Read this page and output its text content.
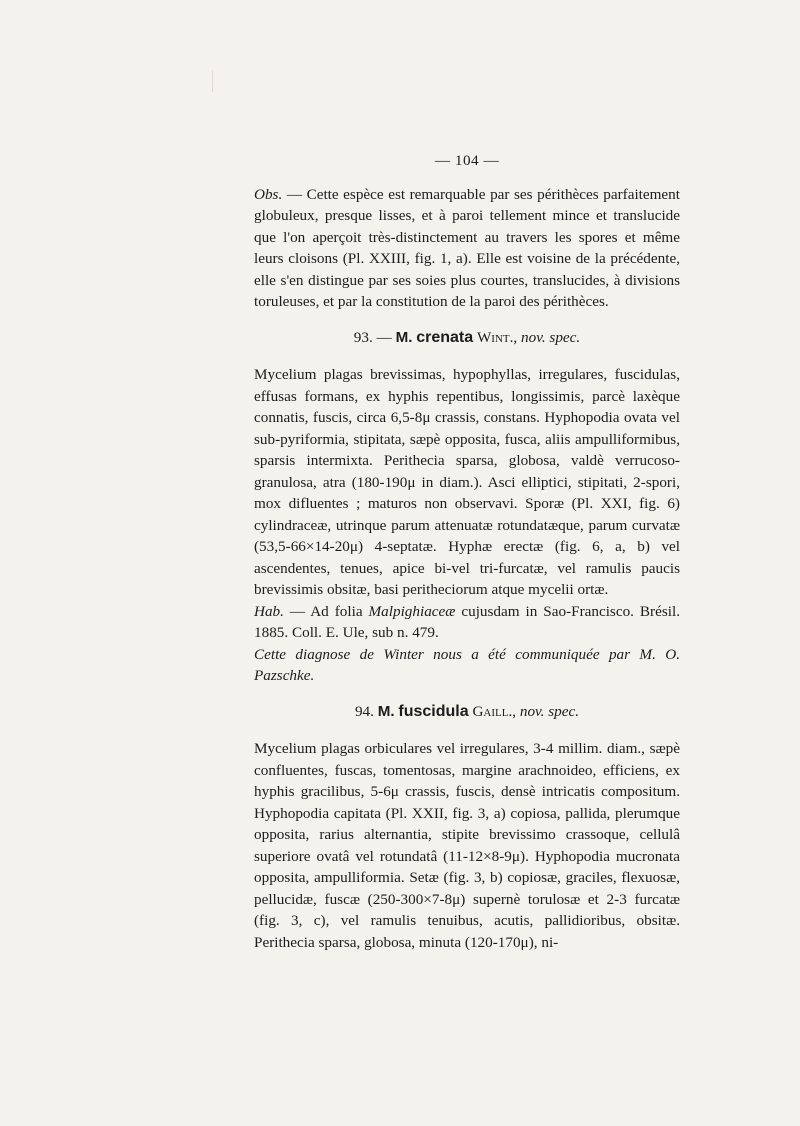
— 104 —

Obs. — Cette espèce est remarquable par ses périthèces parfaitement globuleux, presque lisses, et à paroi tellement mince et translucide que l'on aperçoit très-distinctement au travers les spores et même leurs cloisons (Pl. XXIII, fig. 1, a). Elle est voisine de la précédente, elle s'en distingue par ses soies plus courtes, translucides, à divisions toruleuses, et par la constitution de la paroi des périthèces.

93. — M. crenata Wint., nov. spec.

Mycelium plagas brevissimas, hypophyllas, irregulares, fuscidulas, effusas formans, ex hyphis repentibus, longissimis, parcè laxèque connatis, fuscis, circa 6,5-8μ crassis, constans. Hyphopodia ovata vel sub-pyriformia, stipitata, sæpè opposita, fusca, aliis ampulliformibus, sparsis intermixta. Perithecia sparsa, globosa, valdè verrucoso-granulosa, atra (180-190μ in diam.). Asci elliptici, stipitati, 2-spori, mox difluentes ; maturos non observavi. Sporæ (Pl. XXI, fig. 6) cylindraceæ, utrinque parum attenuatæ rotundatæque, parum curvatæ (53,5-66×14-20μ) 4-septatæ. Hyphæ erectæ (fig. 6, a, b) vel ascendentes, tenues, apice bi-vel tri-furcatæ, vel ramulis paucis brevissimis obsitæ, basi peritheciorum atque mycelii ortæ.

Hab. — Ad folia Malpighiaceæ cujusdam in Sao-Francisco. Brésil. 1885. Coll. E. Ule, sub n. 479.

Cette diagnose de Winter nous a été communiquée par M. O. Pazschke.

94. M. fuscidula Gaill., nov. spec.

Mycelium plagas orbiculares vel irregulares, 3-4 millim. diam., sæpè confluentes, fuscas, tomentosas, margine arachnoideo, efficiens, ex hyphis gracilibus, 5-6μ crassis, fuscis, densè intricatis compositum. Hyphopodia capitata (Pl. XXII, fig. 3, a) copiosa, pallida, plerumque opposita, rarius alternantia, stipite brevissimo crassoque, cellulâ superiore ovatâ vel rotundatâ (11-12×8-9μ). Hyphopodia mucronata opposita, ampulliformia. Setæ (fig. 3, b) copiosæ, graciles, flexuosæ, pellucidæ, fuscæ (250-300×7-8μ) supernè torulosæ et 2-3 furcatæ (fig. 3, c), vel ramulis tenuibus, acutis, pallidioribus, obsitæ. Perithecia sparsa, globosa, minuta (120-170μ), ni-
